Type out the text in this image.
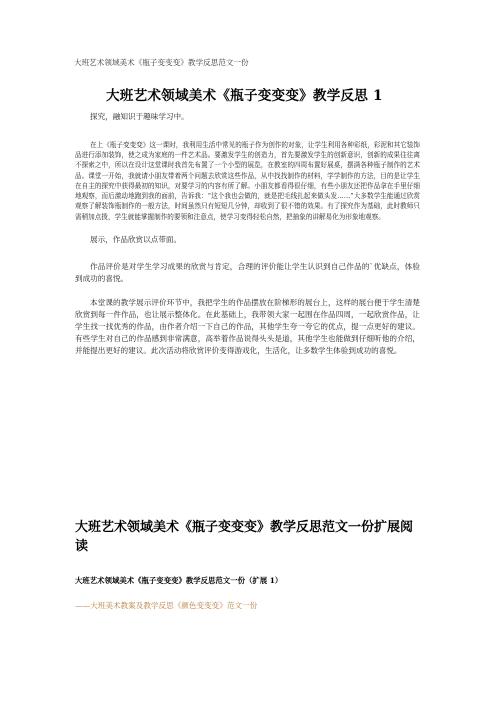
大班艺术领域美术《瓶子变变变》教学反思范文一份
大班艺术领域美术《瓶子变变变》教学反思 1
探究，融知识于趣味学习中。
在上《瓶子变变变》这一课时，我利用生活中常见的瓶子作为创作的对象，让学生利用各种彩纸，彩泥和其它装饰品进行添加装饰，使之成为家庭的一件艺术品。要激发学生的创造力，首先要激发学生的创新意识，创新的成果往往离不探索之中，所以在设计这堂课时我首先布置了一个小型的展览，在教室的四周布置好展桌，摆满各种瓶子制作的艺术品。课堂一开始，我就请小朋友带着两个问题去欣赏这些作品，从中找找制作的材料，学学制作的方法，目的是让学生在自主的探究中获得最初的知识，对要学习的内容有所了解。小朋友都看得很仔细，有些小朋友还把作品拿在手里仔细地观察，而后激动地跑到我的面前，告诉我：“这个我也会做的，就是把毛线扎起来做头发……”大多数学生能通过欣赏观察了解装饰瓶制作的一般方法，时间虽然只有短短几分钟，却收到了很不错的效果。有了探究作为基础，此时教师只需稍加点拨，学生就能掌握制作的要领和注意点，使学习变得轻松自然，把抽象的讲解易化为形象地观察。
展示，作品欣赏以点带面。
作品评价是对学生学习成果的欣赏与肯定，合理的评价能让学生认识到自己作品的`优缺点，体验到成功的喜悦。
本堂课的教学展示评价环节中，我把学生的作品摆放在阶梯形的展台上，这样的展台便于学生清楚欣赏到每一件作品，也让展示整体化。在此基础上，我带领大家一起围在作品四周，一起欣赏作品，让学生找一找优秀的作品，由作者介绍一下自己的作品，其他学生夸一夸它的优点，提一点更好的建议。有些学生对自己的作品感到非常满意，高举着作品说得头头是道，其他学生也能做到仔细听他的介绍，并能提出更好的建议。此次活动将欣赏评价变得游戏化，生活化，让多数学生体验到成功的喜悦。
大班艺术领域美术《瓶子变变变》教学反思范文一份扩展阅读
大班艺术领域美术《瓶子变变变》教学反思范文一份（扩展 1）
——大班美术教案及教学反思《颜色变变变》范文一份
